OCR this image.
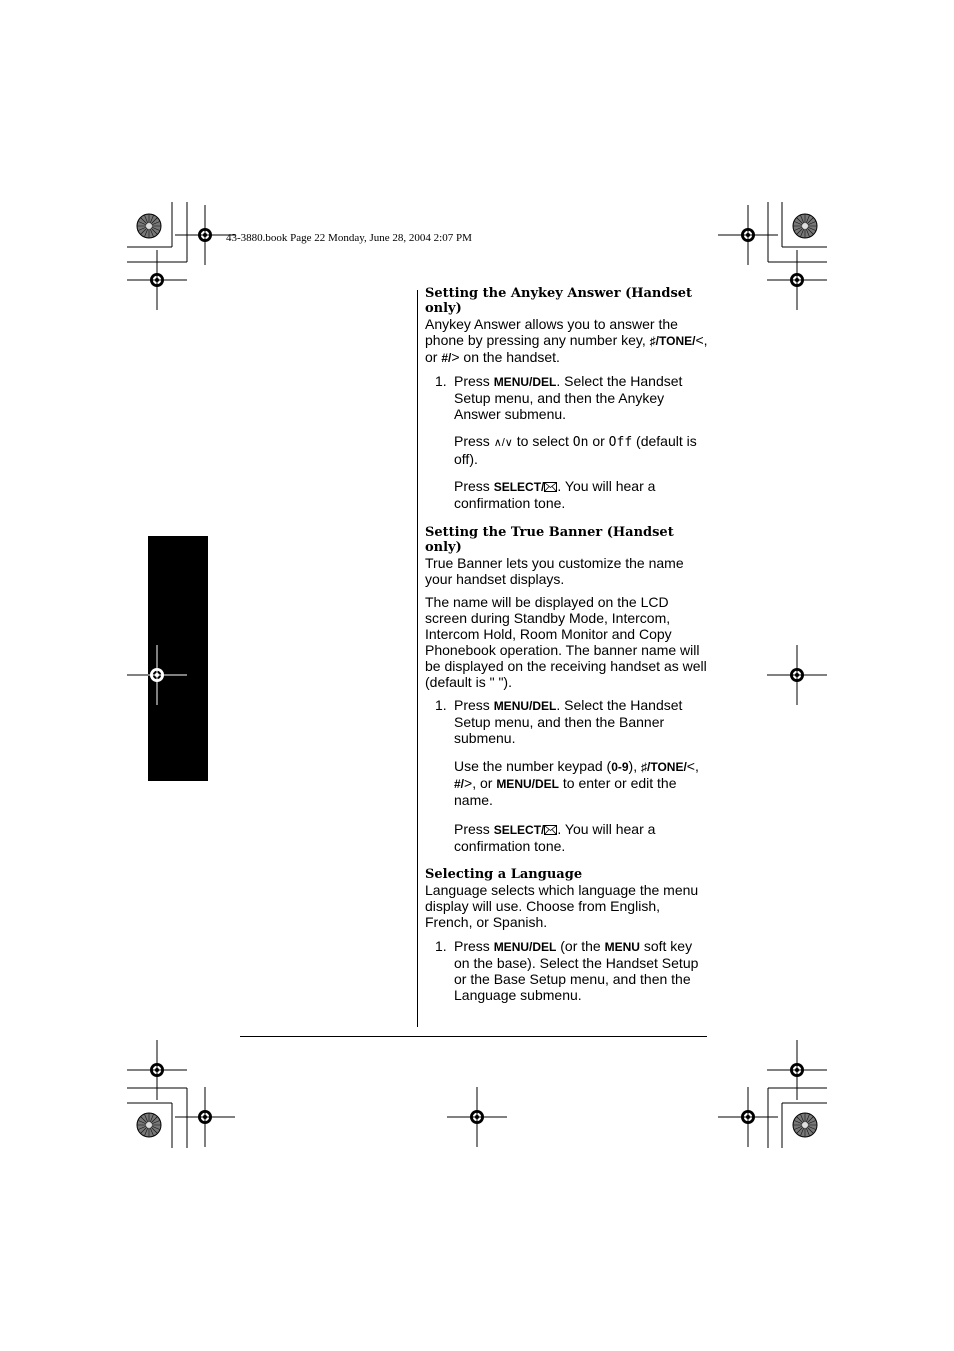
43-3880.book Page 22 Monday, June 28, 2004 2:07 PM
Setting the Anykey Answer (Handset only)

Anykey Answer allows you to answer the phone by pressing any number key, ♯/TONE/<, or #/> on the handset.

1. Press MENU/DEL. Select the Handset Setup menu, and then the Anykey Answer submenu.
Press ∧/∨ to select On or Off (default is off).
Press SELECT/ . You will hear a confirmation tone.
Setting the True Banner (Handset only)

True Banner lets you customize the name your handset displays.

The name will be displayed on the LCD screen during Standby Mode, Intercom, Intercom Hold, Room Monitor and Copy Phonebook operation. The banner name will be displayed on the receiving handset as well (default is " ").

1. Press MENU/DEL. Select the Handset Setup menu, and then the Banner submenu.
Use the number keypad (0-9), ♯/TONE/<, #/>, or MENU/DEL to enter or edit the name.
Press SELECT/ . You will hear a confirmation tone.
Selecting a Language

Language selects which language the menu display will use. Choose from English, French, or Spanish.

1. Press MENU/DEL (or the MENU soft key on the base). Select the Handset Setup or the Base Setup menu, and then the Language submenu.
